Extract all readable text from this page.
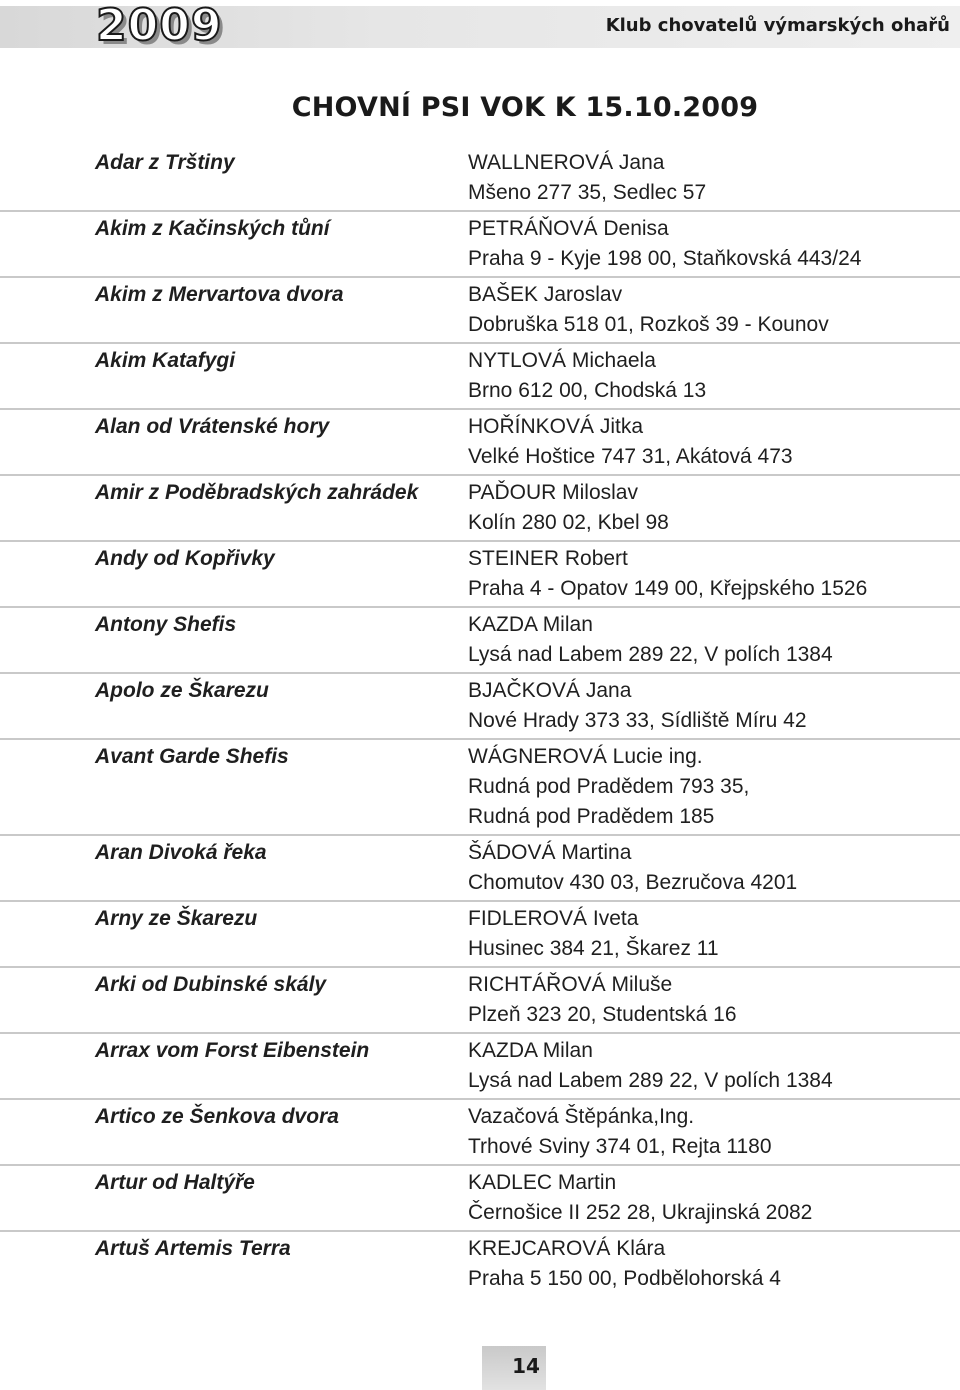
2009	Klub chovatelů výmarských ohařů
CHOVNÍ PSI VOK K 15.10.2009
Adar z Trštiny	WALLNEROVÁ Jana
Mšeno 277 35, Sedlec 57
Akim z Kačinských tůní	PETRÁŇOVÁ Denisa
Praha 9 - Kyje 198 00, Staňkovská 443/24
Akim z Mervartova dvora	BAŠEK Jaroslav
Dobruška 518 01, Rozkoš 39 - Kounov
Akim Katafygi	NYTLOVÁ Michaela
Brno 612 00, Chodská 13
Alan od Vrátenské hory	HOŘÍNKOVÁ Jitka
Velké Hoštice 747 31, Akátová 473
Amir z Poděbradských zahrádek PAĎOUR Miloslav
Kolín 280 02, Kbel 98
Andy od Kopřivky	STEINER Robert
Praha 4 - Opatov 149 00, Křejpského 1526
Antony Shefis	KAZDA Milan
Lysá nad Labem 289 22, V polích 1384
Apolo ze Škarezu	BJAČKOVÁ Jana
Nové Hrady 373 33, Sídliště Míru 42
Avant Garde Shefis	WÁGNEROVÁ Lucie ing.
Rudná pod Pradědem 793 35,
Rudná pod Pradědem 185
Aran Divoká řeka	ŠÁDOVÁ Martina
Chomutov 430 03, Bezručova 4201
Arny ze Škarezu	FIDLEROVÁ Iveta
Husinec 384 21, Škarez 11
Arki od Dubinské skály	RICHTÁŘOVÁ Miluše
Plzeň 323 20, Studentská 16
Arrax vom Forst Eibenstein	KAZDA Milan
Lysá nad Labem 289 22, V polích 1384
Artico ze Šenkova dvora	Vazačová Štěpánka,Ing.
Trhové Sviny 374 01, Rejta 1180
Artur od Haltýře	KADLEC Martin
Černošice II 252 28, Ukrajinská 2082
Artuš Artemis Terra	KREJCAROVÁ Klára
Praha 5 150 00, Podbělohorská 4
14
